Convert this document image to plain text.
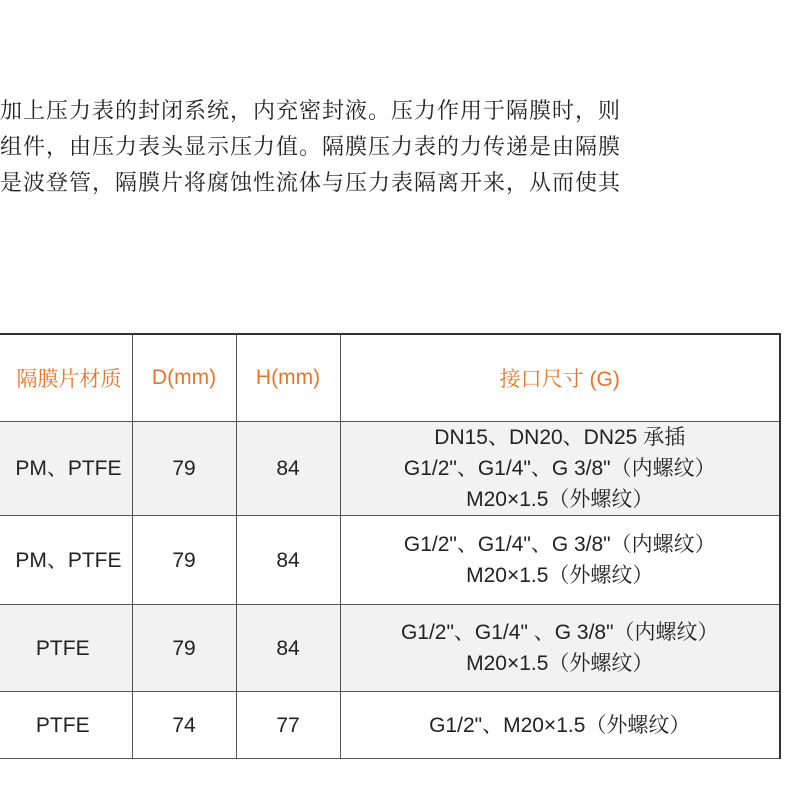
加上压力表的封闭系统，内充密封液。压力作用于隔膜时，则
组件，由压力表头显示压力值。隔膜压力表的力传递是由隔膜
是波登管，隔膜片将腐蚀性流体与压力表隔离开来，从而使其
隔膜片材质	D(mm)	H(mm)	接口尺寸 (G)
PM、PTFE	79	84	DN15、DN20、DN25 承插
G1/2"、G1/4"、G 3/8"（内螺纹）
M20×1.5（外螺纹）

PM、PTFE	79	84	G1/2"、G1/4"、G 3/8"（内螺纹）
M20×1.5（外螺纹）

PTFE	79	84	G1/2"、G1/4" 、G 3/8"（内螺纹）
M20×1.5（外螺纹）

PTFE	74	77	G1/2"、M20×1.5（外螺纹）
